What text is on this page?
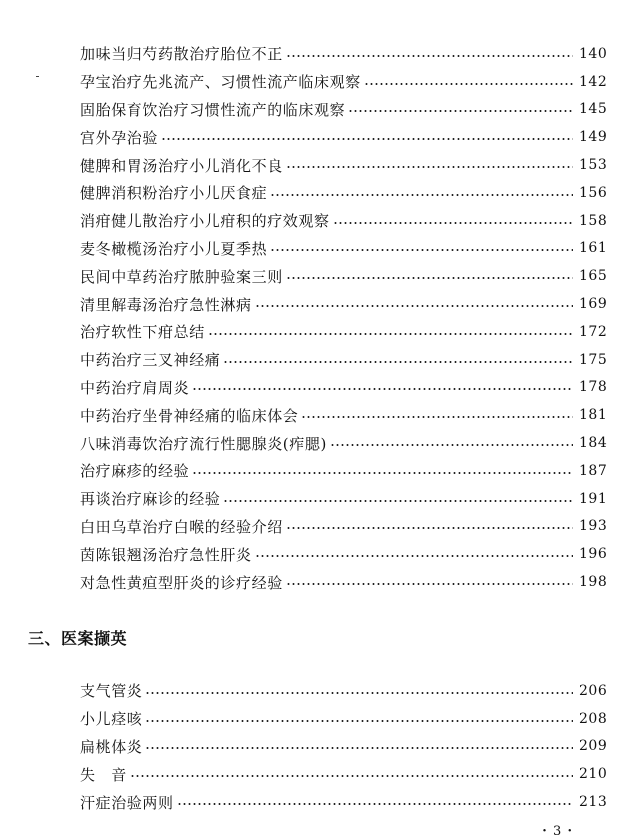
加味当归芍药散治疗胎位不正	140
孕宝治疗先兆流产、习惯性流产临床观察	142
固胎保育饮治疗习惯性流产的临床观察	145
宫外孕治验	149
健脾和胃汤治疗小儿消化不良	153
健脾消积粉治疗小儿厌食症	156
消疳健儿散治疗小儿疳积的疗效观察	158
麦冬橄榄汤治疗小儿夏季热	161
民间中草药治疗脓肿验案三则	165
清里解毒汤治疗急性淋病	169
治疗软性下疳总结	172
中药治疗三叉神经痛	175
中药治疗肩周炎	178
中药治疗坐骨神经痛的临床体会	181
八味消毒饮治疗流行性腮腺炎(痄腮)	184
治疗麻疹的经验	187
再谈治疗麻诊的经验	191
白田乌草治疗白喉的经验介绍	193
茵陈银翘汤治疗急性肝炎	196
对急性黄疸型肝炎的诊疗经验	198
三、医案撷英
支气管炎	206
小儿痉咳	208
扁桃体炎	209
失　音	210
汗症治验两则	213
・3・
